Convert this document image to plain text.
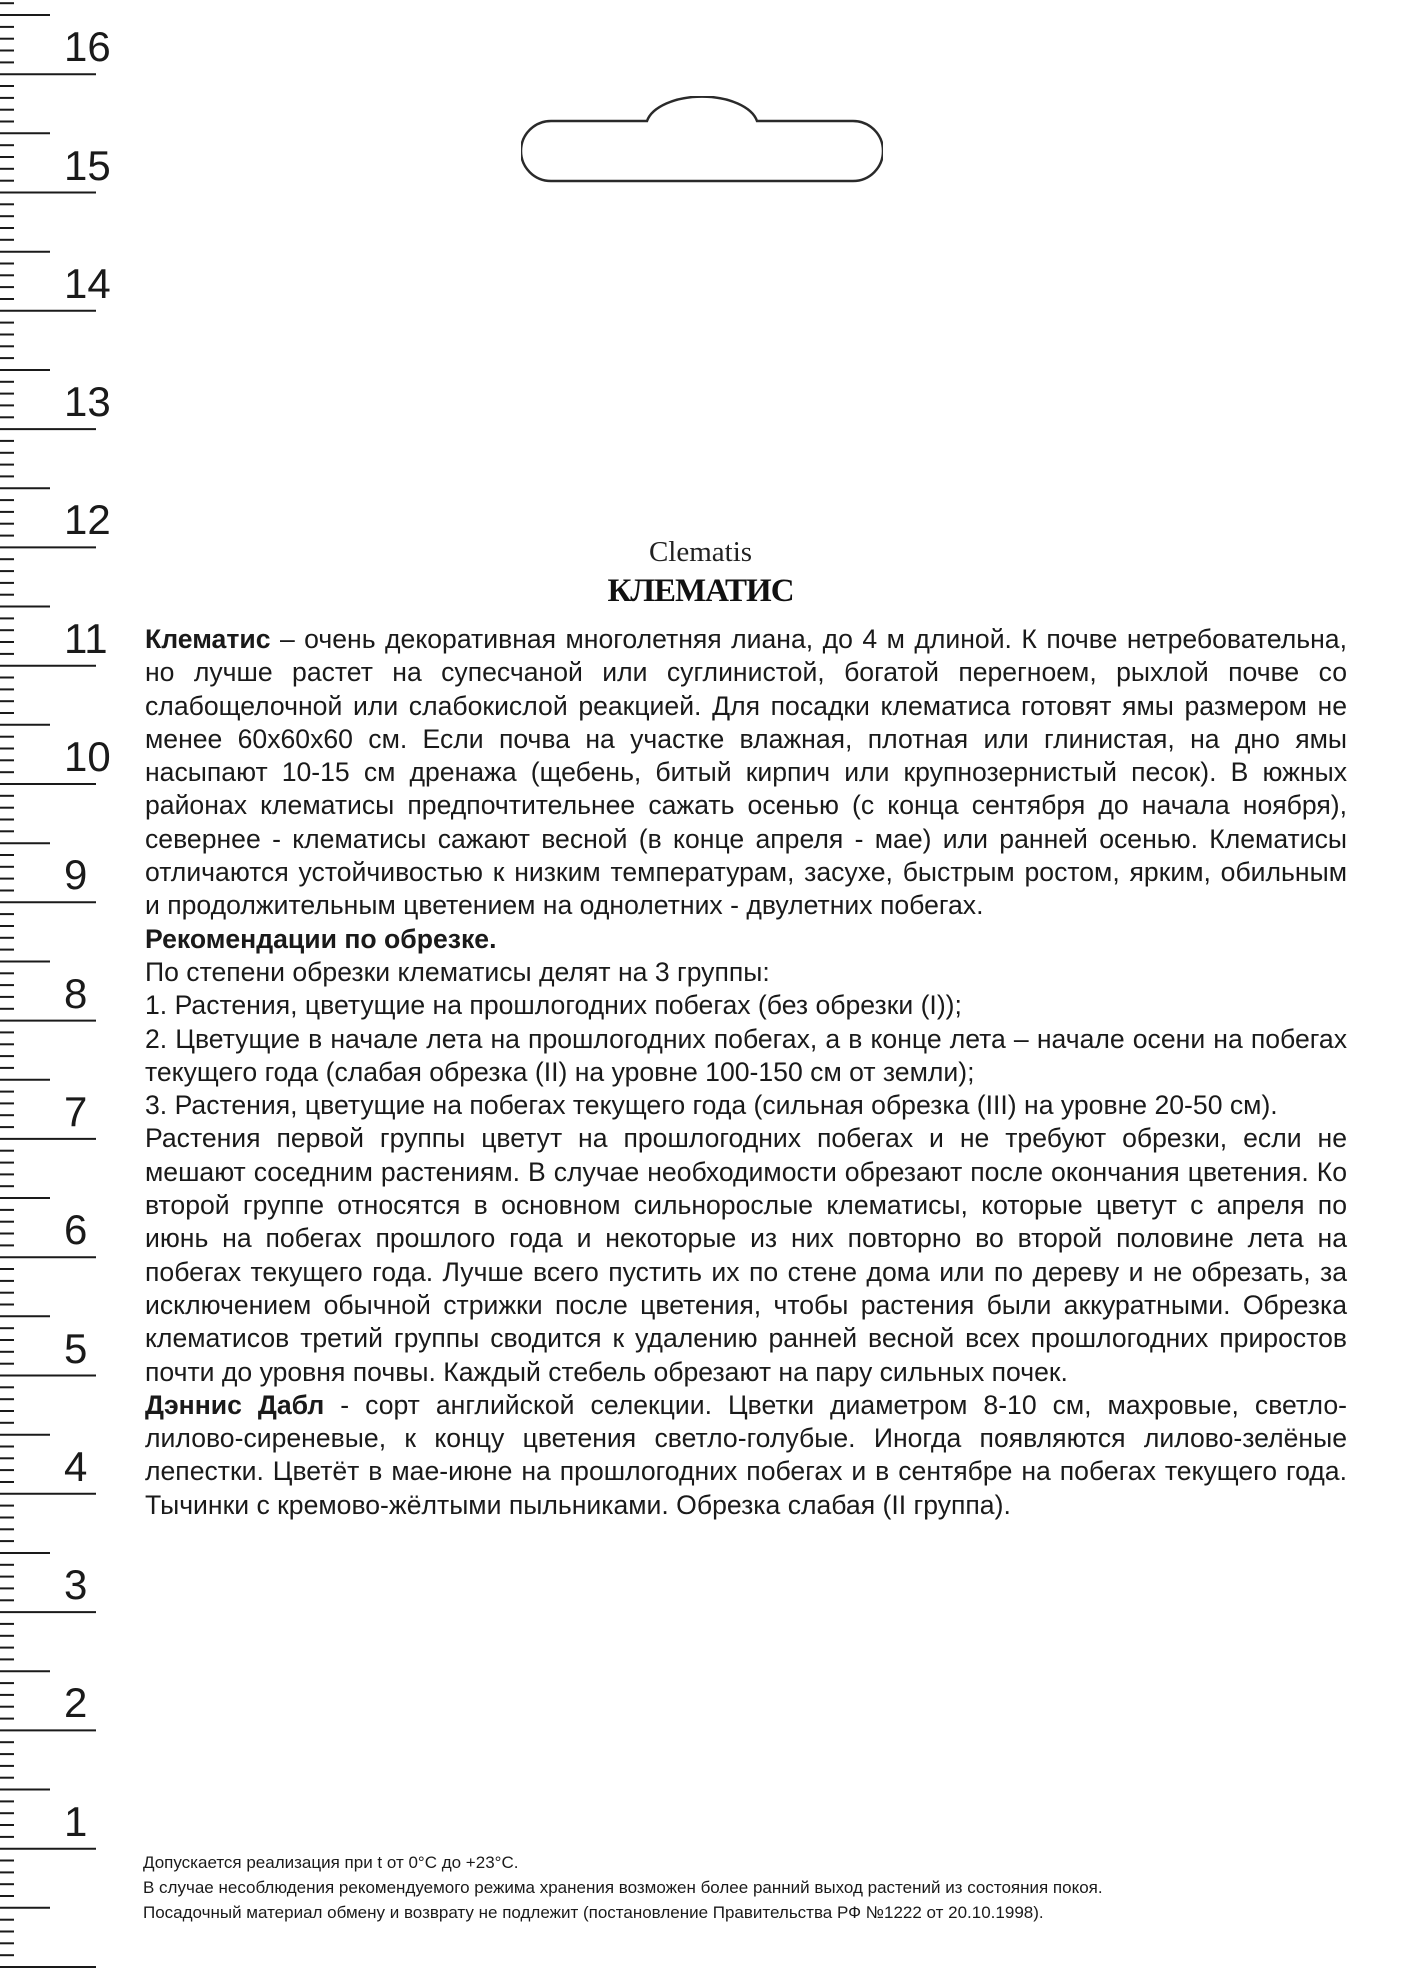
16
15
14
13
12
11
10
9
8
7
6
5
4
3
2
1
Clematis
КЛЕМАТИС

Клематис – очень декоративная многолетняя лиана, до 4 м длиной. К почве нетребовательна, но лучше растет на супесчаной или суглинистой, богатой перегноем, рыхлой почве со слабощелочной или слабокислой реакцией. Для посадки клематиса готовят ямы размером не менее 60х60х60 см. Если почва на участке влажная, плотная или глинистая, на дно ямы насыпают 10-15 см дренажа (щебень, битый кирпич или крупнозернистый песок). В южных районах клематисы предпочтительнее сажать осенью (с конца сентября до начала ноября), севернее - клематисы сажают весной (в конце апреля - мае) или ранней осенью. Клематисы отличаются устойчивостью к низким температурам, засухе, быстрым ростом, ярким, обильным и продолжительным цветением на однолетних - двулетних побегах.

Рекомендации по обрезке.

По степени обрезки клематисы делят на 3 группы:

1. Растения, цветущие на прошлогодних побегах (без обрезки (I));

2. Цветущие в начале лета на прошлогодних побегах, а в конце лета – начале осени на побегах текущего года (слабая обрезка (II) на уровне 100-150 см от земли);

3. Растения, цветущие на побегах текущего года (сильная обрезка (III) на уровне 20-50 см).

Растения первой группы цветут на прошлогодних побегах и не требуют обрезки, если не мешают соседним растениям. В случае необходимости обрезают после окончания цветения. Ко второй группе относятся в основном сильнорослые клематисы, которые цветут с апреля по июнь на побегах прошлого года и некоторые из них повторно во второй половине лета на побегах текущего года. Лучше всего пустить их по стене дома или по дереву и не обрезать, за исключением обычной стрижки после цветения, чтобы растения были аккуратными. Обрезка клематисов третий группы сводится к удалению ранней весной всех прошлогодних приростов почти до уровня почвы. Каждый стебель обрезают на пару сильных почек.

Дэннис Дабл - сорт английской селекции. Цветки диаметром 8-10 см, махровые, светло-лилово-сиреневые, к концу цветения светло-голубые. Иногда появляются лилово-зелёные лепестки. Цветёт в мае-июне на прошлогодних побегах и в сентябре на побегах текущего года. Тычинки с кремово-жёлтыми пыльниками. Обрезка слабая (II группа).

Допускается реализация при t от 0°С до +23°С.
В случае несоблюдения рекомендуемого режима хранения возможен более ранний выход растений из состояния покоя.
Посадочный материал обмену и возврату не подлежит (постановление Правительства РФ №1222 от 20.10.1998).
